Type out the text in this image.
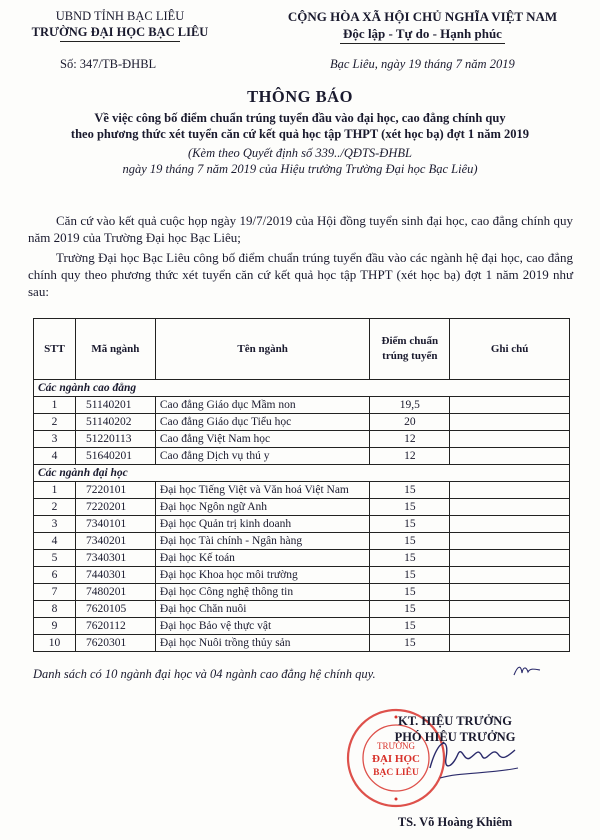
UBND TỈNH BẠC LIÊU
TRƯỜNG ĐẠI HỌC BẠC LIÊU
CỘNG HÒA XÃ HỘI CHỦ NGHĨA VIỆT NAM
Độc lập - Tự do - Hạnh phúc
Số: 347/TB-ĐHBL	Bạc Liêu, ngày 19 tháng 7 năm 2019
THÔNG BÁO
Về việc công bố điểm chuẩn trúng tuyển đầu vào đại học, cao đẳng chính quy
theo phương thức xét tuyển căn cứ kết quả học tập THPT (xét học bạ) đợt 1 năm 2019
(Kèm theo Quyết định số 339../QĐTS-ĐHBL
ngày 19 tháng 7 năm 2019 của Hiệu trưởng Trường Đại học Bạc Liêu)
Căn cứ vào kết quả cuộc họp ngày 19/7/2019 của Hội đồng tuyển sinh đại học, cao đẳng chính quy năm 2019 của Trường Đại học Bạc Liêu;
Trường Đại học Bạc Liêu công bố điểm chuẩn trúng tuyển đầu vào các ngành hệ đại học, cao đẳng chính quy theo phương thức xét tuyển căn cứ kết quả học tập THPT (xét học bạ) đợt 1 năm 2019 như sau:
STT	Mã ngành	Tên ngành	Điểm chuẩn trúng tuyển	Ghi chú
Các ngành cao đẳng				
1	51140201	Cao đẳng Giáo dục Mầm non	19,5	
2	51140202	Cao đẳng Giáo dục Tiểu học	20	
3	51220113	Cao đẳng Việt Nam học	12	
4	51640201	Cao đẳng Dịch vụ thú y	12	
Các ngành đại học				
1	7220101	Đại học Tiếng Việt và Văn hoá Việt Nam	15	
2	7220201	Đại học Ngôn ngữ Anh	15	
3	7340101	Đại học Quản trị kinh doanh	15	
4	7340201	Đại học Tài chính - Ngân hàng	15	
5	7340301	Đại học Kế toán	15	
6	7440301	Đại học Khoa học môi trường	15	
7	7480201	Đại học Công nghệ thông tin	15	
8	7620105	Đại học Chăn nuôi	15	
9	7620112	Đại học Bảo vệ thực vật	15	
10	7620301	Đại học Nuôi trồng thủy sản	15	
Danh sách có 10 ngành đại học và 04 ngành cao đẳng hệ chính quy.
TRƯỜNG
ĐẠI HỌC
BẠC LIÊU
KT. HIỆU TRƯỞNG
PHÓ HIỆU TRƯỞNG
TS. Võ Hoàng Khiêm
